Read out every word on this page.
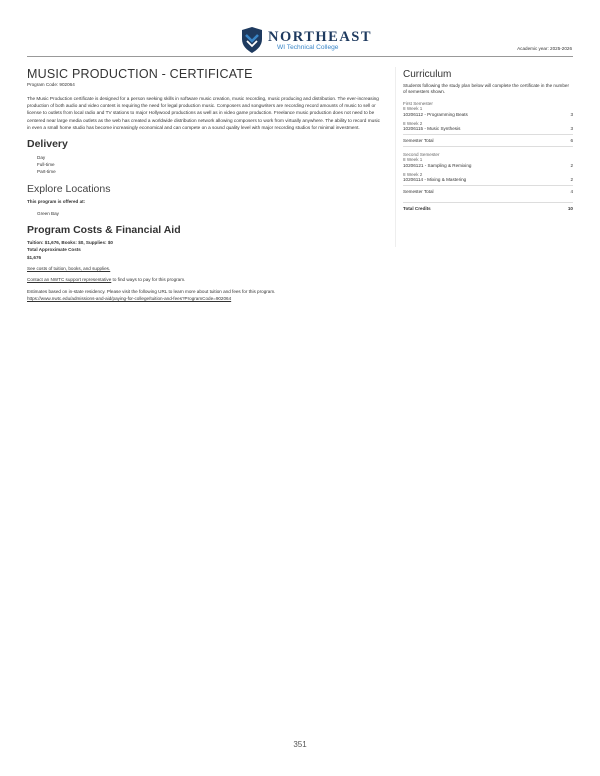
NORTHEAST
WI Technical College	Academic year: 2025-2026
MUSIC PRODUCTION - CERTIFICATE
Program Code: 902064
The Music Production certificate is designed for a person seeking skills in software music creation, music recording, music producing and distribution. The ever-increasing production of both audio and video content is requiring the need for legal production music. Composers and songwriters are recording record amounts of music to sell or license to outlets from local radio and TV stations to major Hollywood productions as well as in video game production. Freelance music production does not need to be centered near large media outlets as the web has created a worldwide distribution network allowing composers to work from virtually anywhere. The ability to record music in even a small home studio has become increasingly economical and can compete on a sound quality level with major recording studios for minimal investment.
Delivery
Day
Full-time
Part-time
Explore Locations
This program is offered at:
Green Bay
Program Costs & Financial Aid
Tuition: $1,676, Books: $0, Supplies: $0
Total Approximate Costs
$1,676
See costs of tuition, books, and supplies.
Contact an NWTC support representative to find ways to pay for this program.
Estimates based on in-state residency. Please visit the following URL to learn more about tuition and fees for this program.
https://www.nwtc.edu/admissions-and-aid/paying-for-college/tuition-and-fees?ProgramCode=902064
Curriculum
Students following the study plan below will complete the certificate in the number of semesters shown.
First Semester
8 Week 1
10206112 - Programming Beats	3
8 Week 2
10206115 - Music Synthesis	3
Semester Total	6
Second Semester
8 Week 1
10206121 - Sampling & Remixing	2
8 Week 2
10206114 - Mixing & Mastering	2
Semester Total	4
Total Credits	10
351
